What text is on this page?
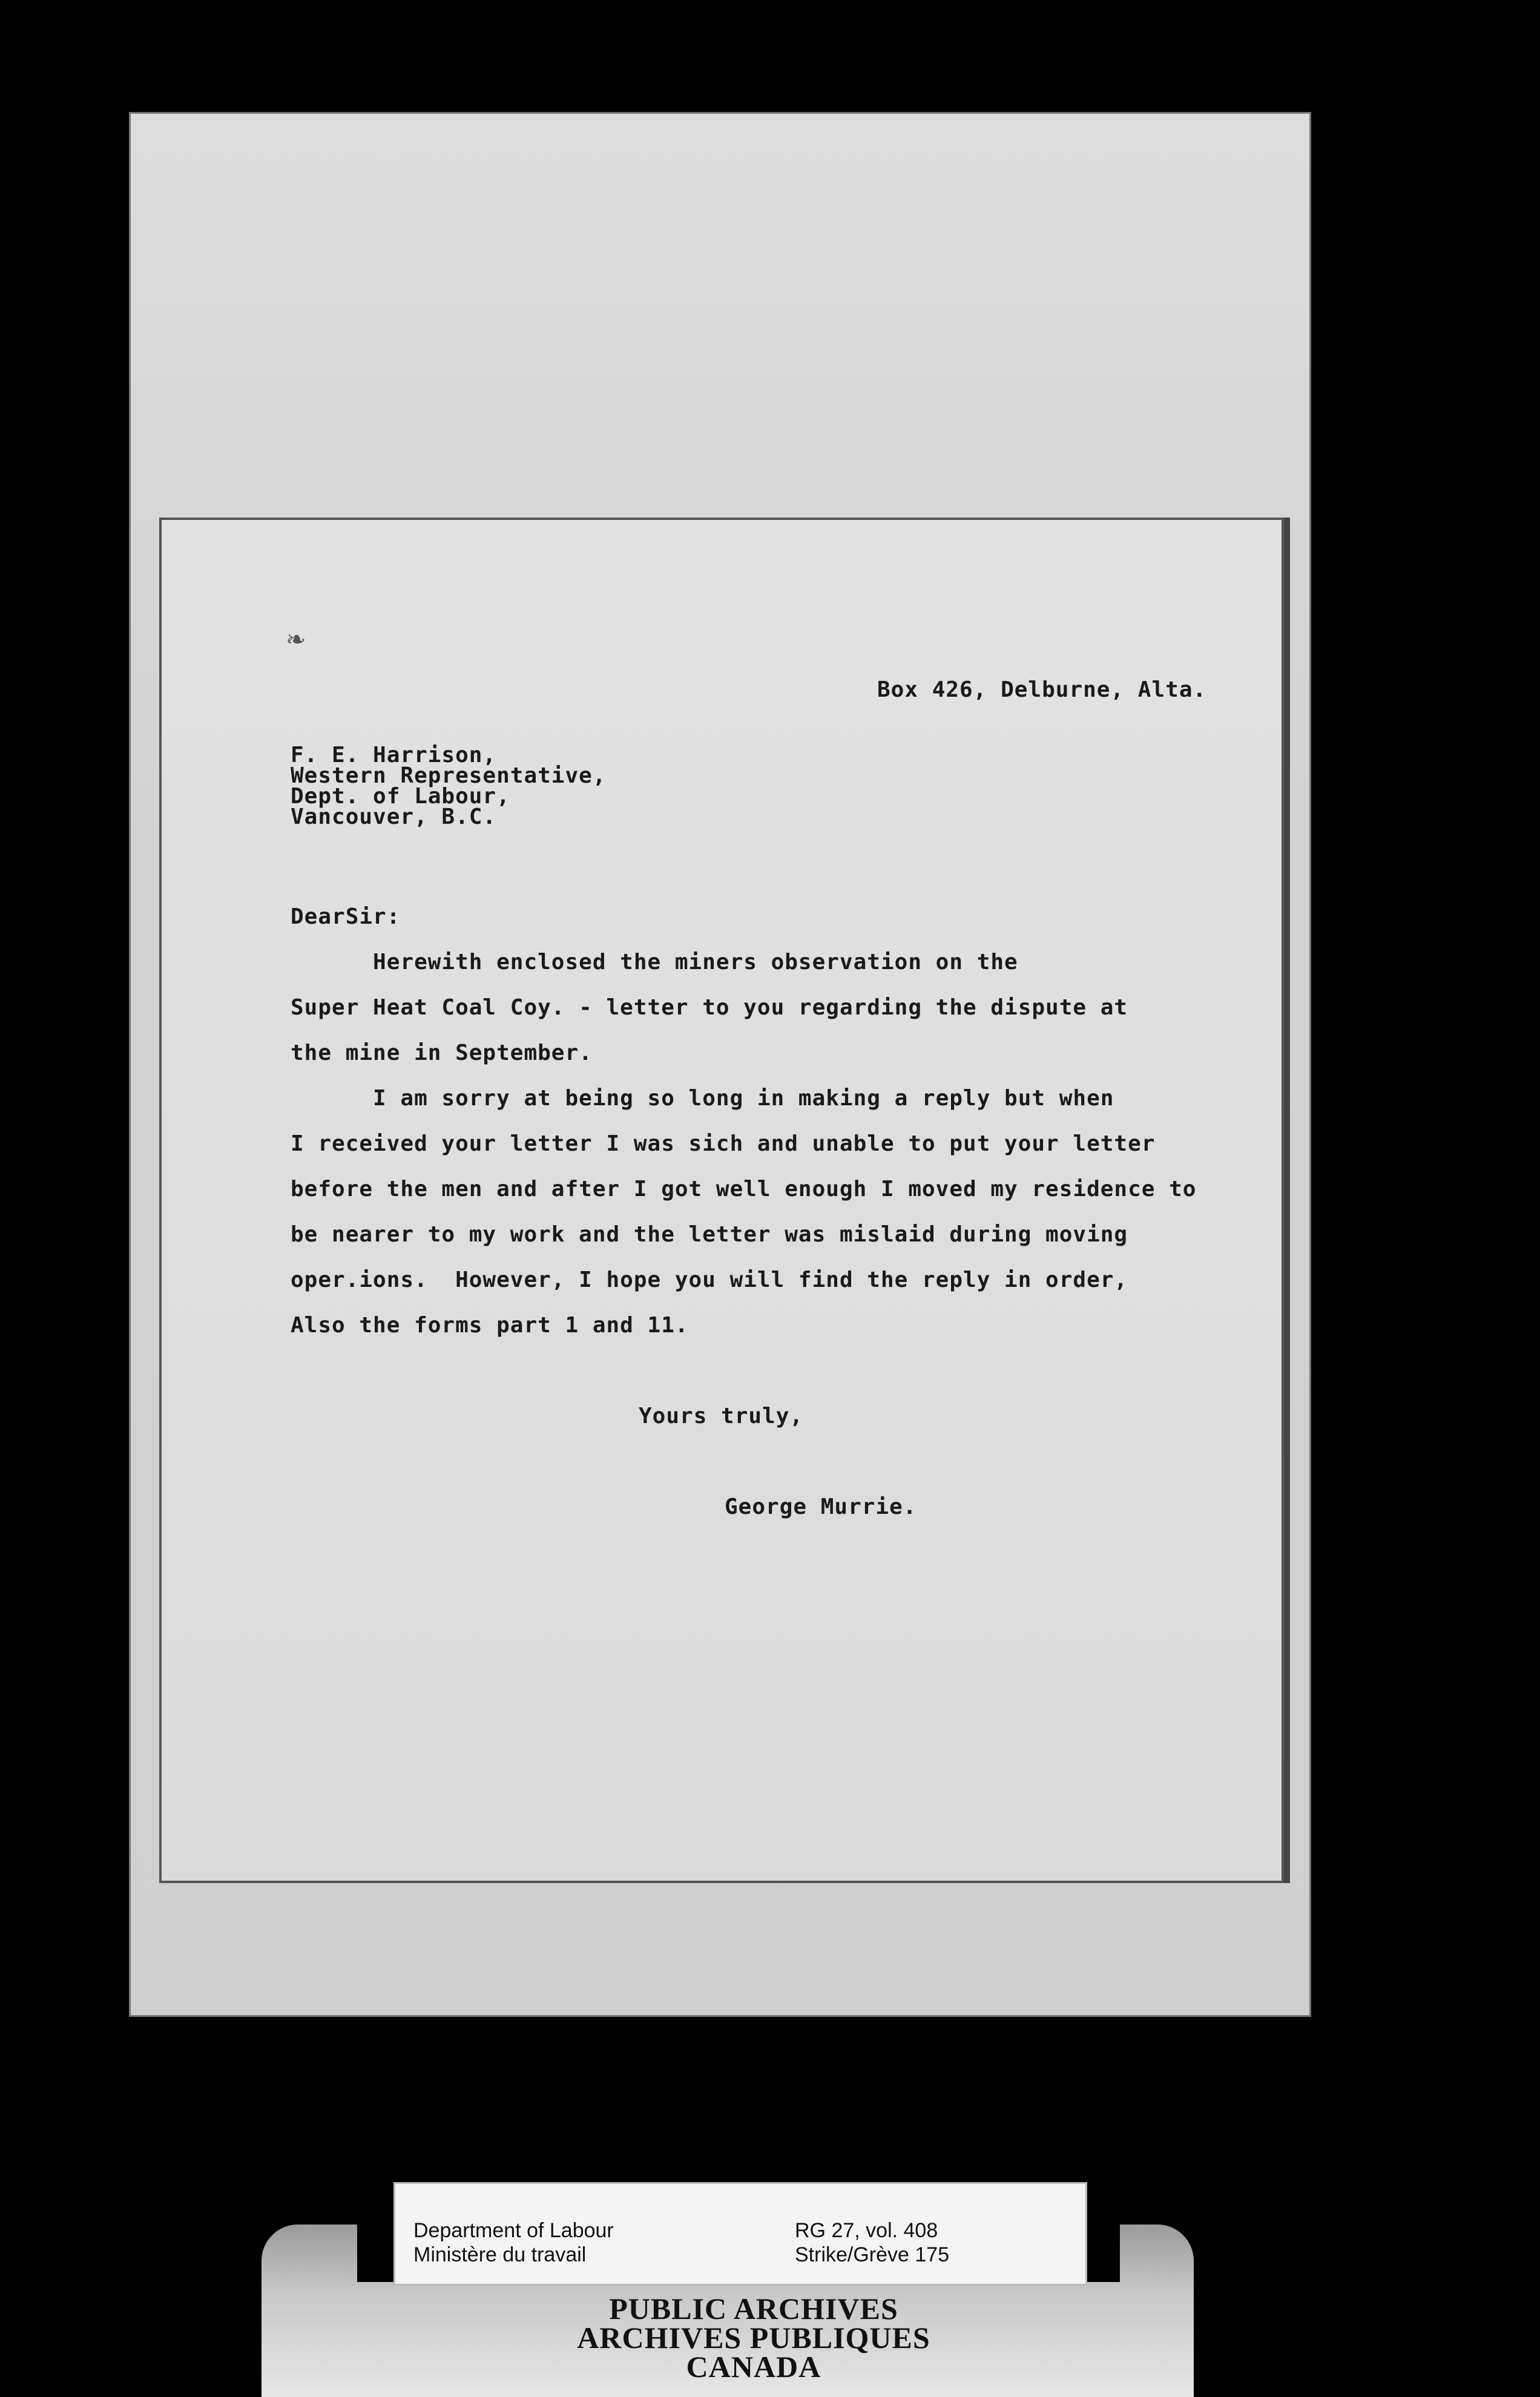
❧
Box 426, Delburne, Alta.
F. E. Harrison,
Western Representative,
Dept. of Labour,
Vancouver, B.C.
DearSir:
Herewith enclosed the miners observation on the
Super Heat Coal Coy. - letter to you regarding the dispute at
the mine in September.
I am sorry at being so long in making a reply but when
I received your letter I was sich and unable to put your letter
before the men and after I got well enough I moved my residence to
be nearer to my work and the letter was mislaid during moving
oper.ions.  However, I hope you will find the reply in order,
Also the forms part 1 and 11.
Yours truly,
George Murrie.
Department of Labour
Ministère du travail
RG 27, vol. 408
Strike/Grève 175
PUBLIC ARCHIVES
ARCHIVES PUBLIQUES
CANADA
